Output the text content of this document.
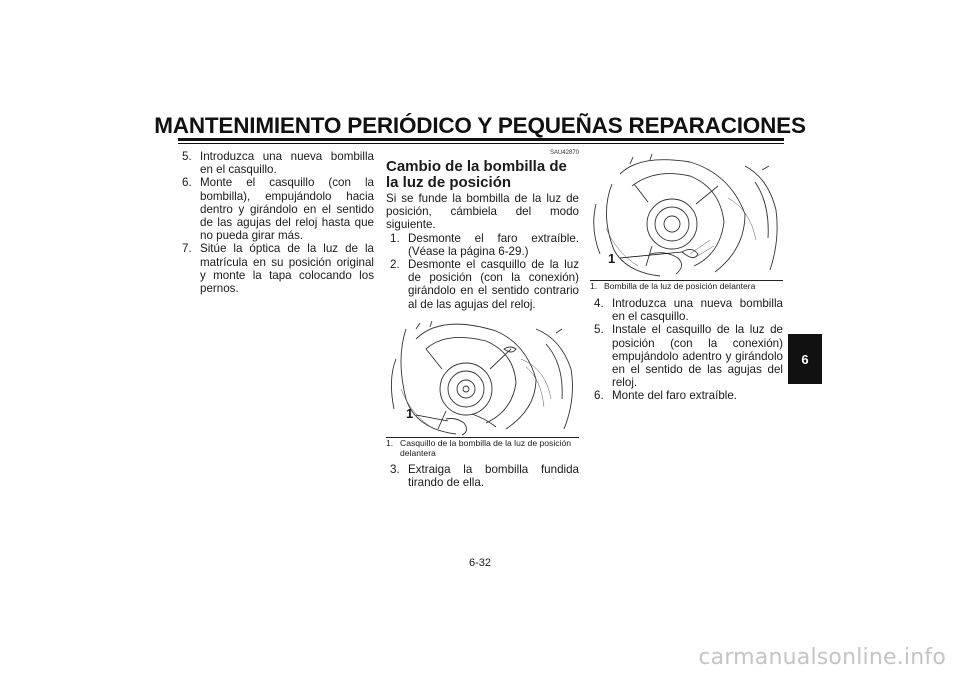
MANTENIMIENTO PERIÓDICO Y PEQUEÑAS REPARACIONES

5. Introduzca una nueva bombilla en el casquillo.

6. Monte el casquillo (con la bombilla), empujándolo hacia dentro y girándolo en el sentido de las agujas del reloj hasta que no pueda girar más.

7. Sitúe la óptica de la luz de la matrícula en su posición original y monte la tapa colocando los pernos.

SAU42870
Cambio de la bombilla de la luz de posición

Si se funde la bombilla de la luz de posición, cámbiela del modo siguiente.

1. Desmonte el faro extraíble. (Véase la página 6-29.)

2. Desmonte el casquillo de la luz de posición (con la conexión) girándolo en el sentido contrario al de las agujas del reloj.

1

1. Casquillo de la bombilla de la luz de posición delantera

3. Extraiga la bombilla fundida tirando de ella.

1

1. Bombilla de la luz de posición delantera

4. Introduzca una nueva bombilla en el casquillo.

5. Instale el casquillo de la luz de posición (con la conexión) empujándolo adentro y girándolo en el sentido de las agujas del reloj.

6. Monte del faro extraíble.

6
6-32
carmanualsonline.info
